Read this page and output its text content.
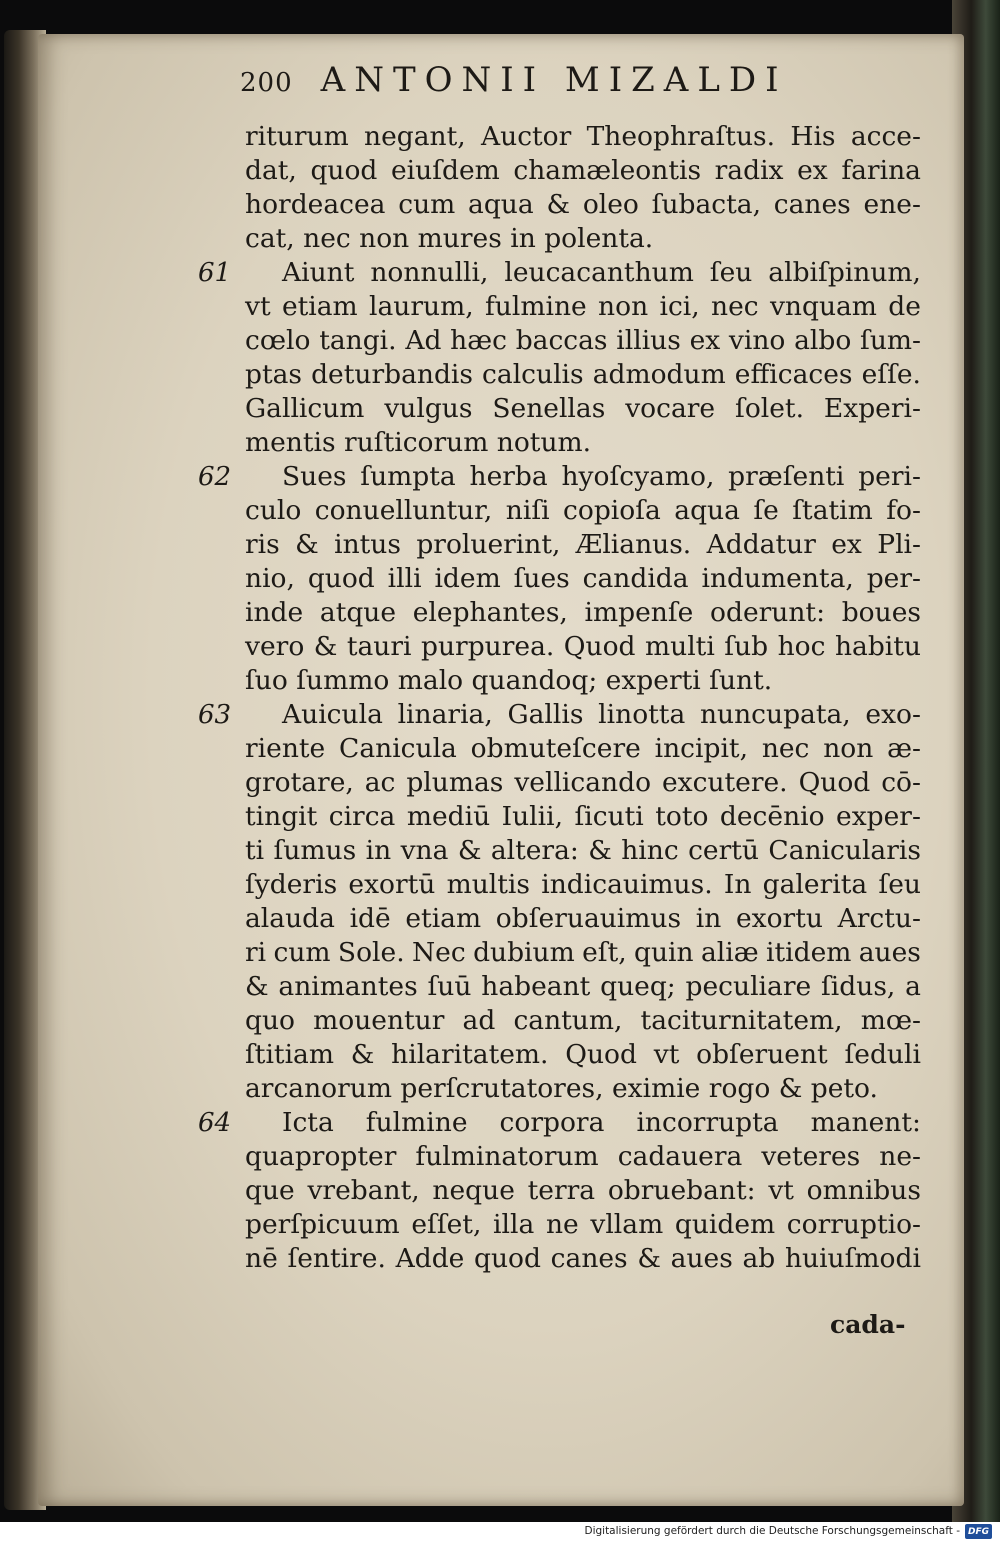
200 ANTONII MIZALDI
riturum negant, Auctor Theophraſtus. His acce-
dat, quod eiuſdem chamæleontis radix ex farina
hordeacea cum aqua & oleo ſubacta, canes ene-
cat, nec non mures in polenta.
Aiunt nonnulli, leucacanthum ſeu albiſpinum,
61
vt etiam laurum, fulmine non ici, nec vnquam de
cœlo tangi. Ad hæc baccas illius ex vino albo ſum-
ptas deturbandis calculis admodum efficaces eſſe.
Gallicum vulgus Senellas vocare ſolet. Experi-
mentis ruſticorum notum.
Sues ſumpta herba hyoſcyamo, præſenti peri-
62
culo conuelluntur, niſi copioſa aqua ſe ſtatim fo-
ris & intus proluerint, Ælianus. Addatur ex Pli-
nio, quod illi idem ſues candida indumenta, per-
inde atque elephantes, impenſe oderunt: boues
vero & tauri purpurea. Quod multi ſub hoc habitu
ſuo ſummo malo quandoq; experti ſunt.
Auicula linaria, Gallis linotta nuncupata, exo-
63
riente Canicula obmuteſcere incipit, nec non æ-
grotare, ac plumas vellicando excutere. Quod cō-
tingit circa mediū Iulii, ſicuti toto decēnio exper-
ti ſumus in vna & altera: & hinc certū Canicularis
ſyderis exortū multis indicauimus. In galerita ſeu
alauda idē etiam obſeruauimus in exortu Arctu-
ri cum Sole. Nec dubium eſt, quin aliæ itidem aues
& animantes ſuū habeant queq; peculiare ſidus, a
quo mouentur ad cantum, taciturnitatem, mœ-
ſtitiam & hilaritatem. Quod vt obſeruent ſeduli
arcanorum perſcrutatores, eximie rogo & peto.
Icta fulmine corpora incorrupta manent:
64
quapropter fulminatorum cadauera veteres ne-
que vrebant, neque terra obruebant: vt omnibus
perſpicuum eſſet, illa ne vllam quidem corruptio-
nē ſentire. Adde quod canes & aues ab huiuſmodi
cada-
Digitalisierung gefördert durch die Deutsche Forschungsgemeinschaft - DFG
